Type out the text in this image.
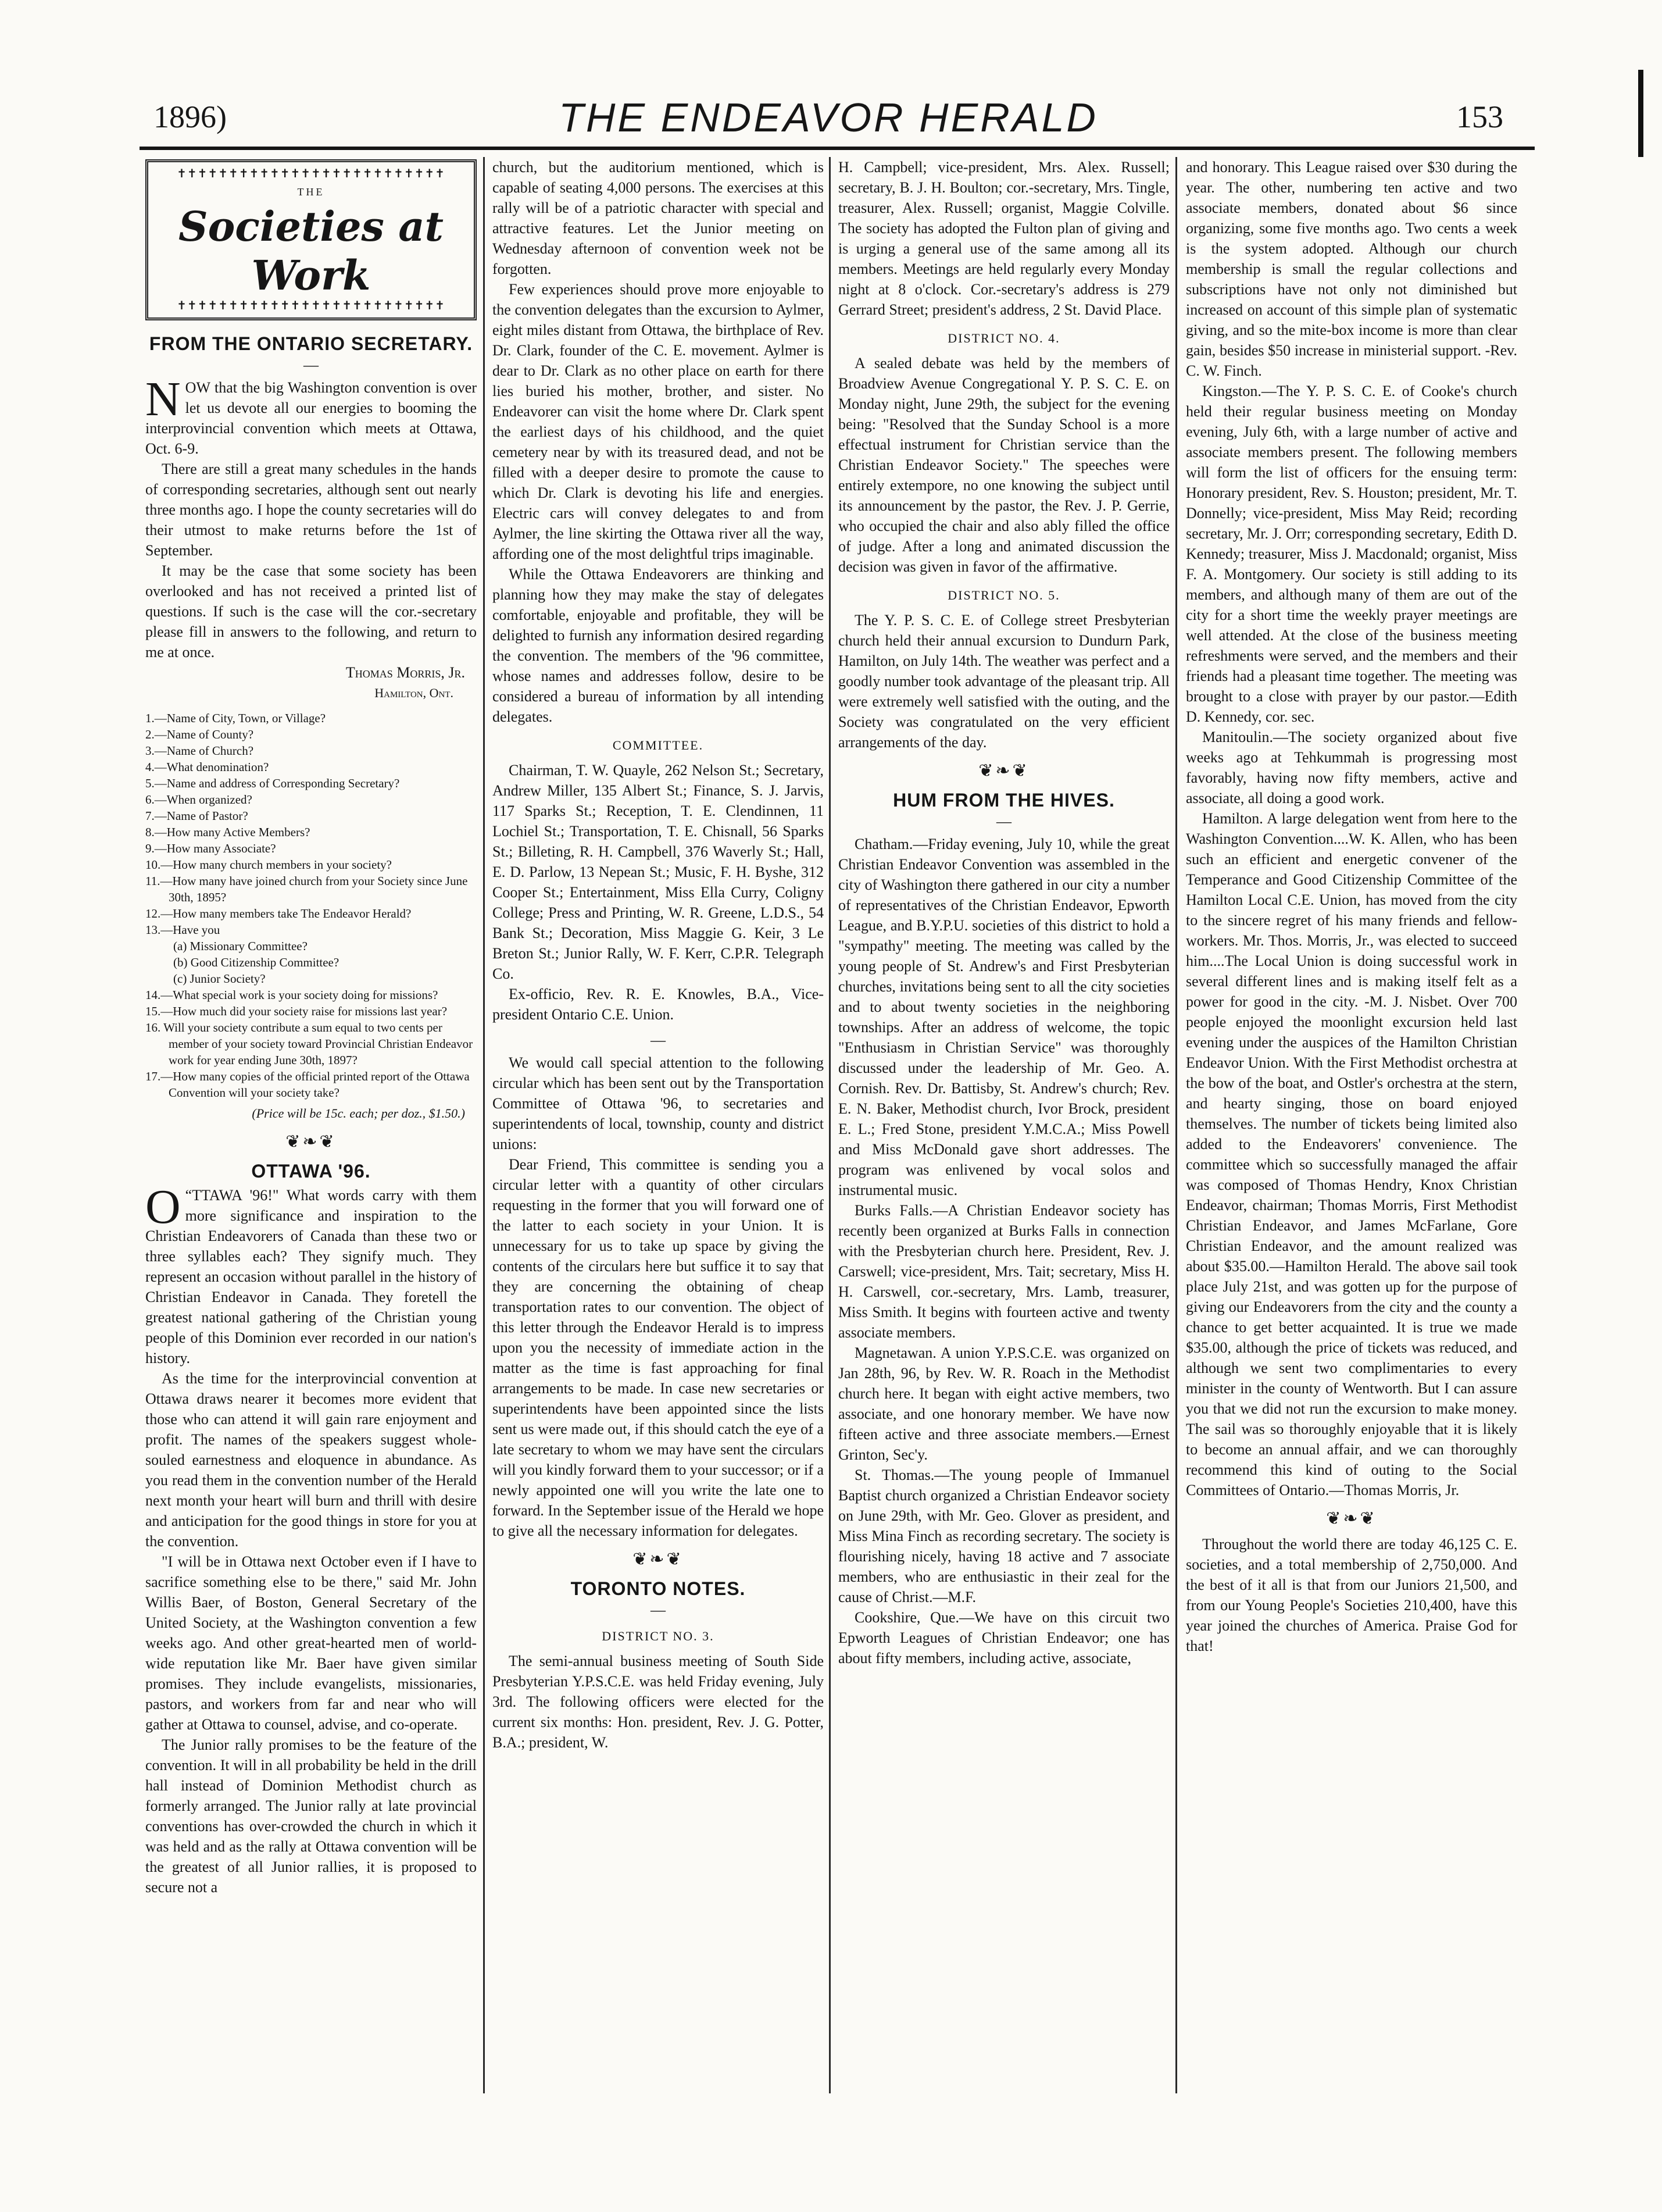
1896)	THE ENDEAVOR HERALD	153
✝✝✝✝✝✝✝✝✝✝✝✝✝✝✝✝✝✝✝✝✝✝✝✝✝✝
THE
Societies at Work
✝✝✝✝✝✝✝✝✝✝✝✝✝✝✝✝✝✝✝✝✝✝✝✝✝✝
FROM THE ONTARIO SECRETARY.
—

NOW that the big Washington convention is over let us devote all our energies to booming the interprovincial convention which meets at Ottawa, Oct. 6-9.

There are still a great many schedules in the hands of corresponding secretaries, although sent out nearly three months ago. I hope the county secretaries will do their utmost to make returns before the 1st of September.

It may be the case that some society has been overlooked and has not received a printed list of questions. If such is the case will the cor.-secretary please fill in answers to the following, and return to me at once.

Thomas Morris, Jr.
Hamilton, Ont.
1.—Name of City, Town, or Village?
2.—Name of County?
3.—Name of Church?
4.—What denomination?
5.—Name and address of Corresponding Secretary?
6.—When organized?
7.—Name of Pastor?
8.—How many Active Members?
9.—How many Associate?
10.—How many church members in your society?
11.—How many have joined church from your Society since June 30th, 1895?
12.—How many members take The Endeavor Herald?
13.—Have you
(a) Missionary Committee?
(b) Good Citizenship Committee?
(c) Junior Society?
14.—What special work is your society doing for missions?
15.—How much did your society raise for missions last year?
16. Will your society contribute a sum equal to two cents per member of your society toward Provincial Christian Endeavor work for year ending June 30th, 1897?
17.—How many copies of the official printed report of the Ottawa Convention will your society take?
(Price will be 15c. each; per doz., $1.50.)
❦❧❦
OTTAWA '96.

“
O TTAWA '96!" What words carry with them more significance and inspiration to the Christian Endeavorers of Canada than these two or three syllables each? They signify much. They represent an occasion without parallel in the history of Christian Endeavor in Canada. They foretell the greatest national gathering of the Christian young people of this Dominion ever recorded in our nation's history.

As the time for the interprovincial convention at Ottawa draws nearer it becomes more evident that those who can attend it will gain rare enjoyment and profit. The names of the speakers suggest whole-souled earnestness and eloquence in abundance. As you read them in the convention number of the Herald next month your heart will burn and thrill with desire and anticipation for the good things in store for you at the convention.

"I will be in Ottawa next October even if I have to sacrifice something else to be there," said Mr. John Willis Baer, of Boston, General Secretary of the United Society, at the Washington convention a few weeks ago. And other great-hearted men of world-wide reputation like Mr. Baer have given similar promises. They include evangelists, missionaries, pastors, and workers from far and near who will gather at Ottawa to counsel, advise, and co-operate.

The Junior rally promises to be the feature of the convention. It will in all probability be held in the drill hall instead of Dominion Methodist church as formerly arranged. The Junior rally at late provincial conventions has over-crowded the church in which it was held and as the rally at Ottawa convention will be the greatest of all Junior rallies, it is proposed to secure not a

church, but the auditorium mentioned, which is capable of seating 4,000 persons. The exercises at this rally will be of a patriotic character with special and attractive features. Let the Junior meeting on Wednesday afternoon of convention week not be forgotten.

Few experiences should prove more enjoyable to the convention delegates than the excursion to Aylmer, eight miles distant from Ottawa, the birthplace of Rev. Dr. Clark, founder of the C. E. movement. Aylmer is dear to Dr. Clark as no other place on earth for there lies buried his mother, brother, and sister. No Endeavorer can visit the home where Dr. Clark spent the earliest days of his childhood, and the quiet cemetery near by with its treasured dead, and not be filled with a deeper desire to promote the cause to which Dr. Clark is devoting his life and energies. Electric cars will convey delegates to and from Aylmer, the line skirting the Ottawa river all the way, affording one of the most delightful trips imaginable.

While the Ottawa Endeavorers are thinking and planning how they may make the stay of delegates comfortable, enjoyable and profitable, they will be delighted to furnish any information desired regarding the convention. The members of the '96 committee, whose names and addresses follow, desire to be considered a bureau of information by all intending delegates.

COMMITTEE.

Chairman, T. W. Quayle, 262 Nelson St.; Secretary, Andrew Miller, 135 Albert St.; Finance, S. J. Jarvis, 117 Sparks St.; Reception, T. E. Clendinnen, 11 Lochiel St.; Transportation, T. E. Chisnall, 56 Sparks St.; Billeting, R. H. Campbell, 376 Waverly St.; Hall, E. D. Parlow, 13 Nepean St.; Music, F. H. Byshe, 312 Cooper St.; Entertainment, Miss Ella Curry, Coligny College; Press and Printing, W. R. Greene, L.D.S., 54 Bank St.; Decoration, Miss Maggie G. Keir, 3 Le Breton St.; Junior Rally, W. F. Kerr, C.P.R. Telegraph Co.

Ex-officio, Rev. R. E. Knowles, B.A., Vice-president Ontario C.E. Union.

—

We would call special attention to the following circular which has been sent out by the Transportation Committee of Ottawa '96, to secretaries and superintendents of local, township, county and district unions:

Dear Friend, This committee is sending you a circular letter with a quantity of other circulars requesting in the former that you will forward one of the latter to each society in your Union. It is unnecessary for us to take up space by giving the contents of the circulars here but suffice it to say that they are concerning the obtaining of cheap transportation rates to our convention. The object of this letter through the Endeavor Herald is to impress upon you the necessity of immediate action in the matter as the time is fast approaching for final arrangements to be made. In case new secretaries or superintendents have been appointed since the lists sent us were made out, if this should catch the eye of a late secretary to whom we may have sent the circulars will you kindly forward them to your successor; or if a newly appointed one will you write the late one to forward. In the September issue of the Herald we hope to give all the necessary information for delegates.

❦❧❦
TORONTO NOTES.
—
DISTRICT NO. 3.

The semi-annual business meeting of South Side Presbyterian Y.P.S.C.E. was held Friday evening, July 3rd. The following officers were elected for the current six months: Hon. president, Rev. J. G. Potter, B.A.; president, W.

H. Campbell; vice-president, Mrs. Alex. Russell; secretary, B. J. H. Boulton; cor.-secretary, Mrs. Tingle, treasurer, Alex. Russell; organist, Maggie Colville. The society has adopted the Fulton plan of giving and is urging a general use of the same among all its members. Meetings are held regularly every Monday night at 8 o'clock. Cor.-secretary's address is 279 Gerrard Street; president's address, 2 St. David Place.

DISTRICT NO. 4.

A sealed debate was held by the members of Broadview Avenue Congregational Y. P. S. C. E. on Monday night, June 29th, the subject for the evening being: "Resolved that the Sunday School is a more effectual instrument for Christian service than the Christian Endeavor Society." The speeches were entirely extempore, no one knowing the subject until its announcement by the pastor, the Rev. J. P. Gerrie, who occupied the chair and also ably filled the office of judge. After a long and animated discussion the decision was given in favor of the affirmative.

DISTRICT NO. 5.

The Y. P. S. C. E. of College street Presbyterian church held their annual excursion to Dundurn Park, Hamilton, on July 14th. The weather was perfect and a goodly number took advantage of the pleasant trip. All were extremely well satisfied with the outing, and the Society was congratulated on the very efficient arrangements of the day.

❦❧❦
HUM FROM THE HIVES.
—

Chatham.—Friday evening, July 10, while the great Christian Endeavor Convention was assembled in the city of Washington there gathered in our city a number of representatives of the Christian Endeavor, Epworth League, and B.Y.P.U. societies of this district to hold a "sympathy" meeting. The meeting was called by the young people of St. Andrew's and First Presbyterian churches, invitations being sent to all the city societies and to about twenty societies in the neighboring townships. After an address of welcome, the topic "Enthusiasm in Christian Service" was thoroughly discussed under the leadership of Mr. Geo. A. Cornish. Rev. Dr. Battisby, St. Andrew's church; Rev. E. N. Baker, Methodist church, Ivor Brock, president E. L.; Fred Stone, president Y.M.C.A.; Miss Powell and Miss McDonald gave short addresses. The program was enlivened by vocal solos and instrumental music.

Burks Falls.—A Christian Endeavor society has recently been organized at Burks Falls in connection with the Presbyterian church here. President, Rev. J. Carswell; vice-president, Mrs. Tait; secretary, Miss H. H. Carswell, cor.-secretary, Mrs. Lamb, treasurer, Miss Smith. It begins with fourteen active and twenty associate members.

Magnetawan. A union Y.P.S.C.E. was organized on Jan 28th, 96, by Rev. W. R. Roach in the Methodist church here. It began with eight active members, two associate, and one honorary member. We have now fifteen active and three associate members.—Ernest Grinton, Sec'y.

St. Thomas.—The young people of Immanuel Baptist church organized a Christian Endeavor society on June 29th, with Mr. Geo. Glover as president, and Miss Mina Finch as recording secretary. The society is flourishing nicely, having 18 active and 7 associate members, who are enthusiastic in their zeal for the cause of Christ.—M.F.

Cookshire, Que.—We have on this circuit two Epworth Leagues of Christian Endeavor; one has about fifty members, including active, associate,

and honorary. This League raised over $30 during the year. The other, numbering ten active and two associate members, donated about $6 since organizing, some five months ago. Two cents a week is the system adopted. Although our church membership is small the regular collections and subscriptions have not only not diminished but increased on account of this simple plan of systematic giving, and so the mite-box income is more than clear gain, besides $50 increase in ministerial support. -Rev. C. W. Finch.

Kingston.—The Y. P. S. C. E. of Cooke's church held their regular business meeting on Monday evening, July 6th, with a large number of active and associate members present. The following members will form the list of officers for the ensuing term: Honorary president, Rev. S. Houston; president, Mr. T. Donnelly; vice-president, Miss May Reid; recording secretary, Mr. J. Orr; corresponding secretary, Edith D. Kennedy; treasurer, Miss J. Macdonald; organist, Miss F. A. Montgomery. Our society is still adding to its members, and although many of them are out of the city for a short time the weekly prayer meetings are well attended. At the close of the business meeting refreshments were served, and the members and their friends had a pleasant time together. The meeting was brought to a close with prayer by our pastor.—Edith D. Kennedy, cor. sec.

Manitoulin.—The society organized about five weeks ago at Tehkummah is progressing most favorably, having now fifty members, active and associate, all doing a good work.

Hamilton. A large delegation went from here to the Washington Convention....W. K. Allen, who has been such an efficient and energetic convener of the Temperance and Good Citizenship Committee of the Hamilton Local C.E. Union, has moved from the city to the sincere regret of his many friends and fellow-workers. Mr. Thos. Morris, Jr., was elected to succeed him....The Local Union is doing successful work in several different lines and is making itself felt as a power for good in the city. -M. J. Nisbet. Over 700 people enjoyed the moonlight excursion held last evening under the auspices of the Hamilton Christian Endeavor Union. With the First Methodist orchestra at the bow of the boat, and Ostler's orchestra at the stern, and hearty singing, those on board enjoyed themselves. The number of tickets being limited also added to the Endeavorers' convenience. The committee which so successfully managed the affair was composed of Thomas Hendry, Knox Christian Endeavor, chairman; Thomas Morris, First Methodist Christian Endeavor, and James McFarlane, Gore Christian Endeavor, and the amount realized was about $35.00.—Hamilton Herald. The above sail took place July 21st, and was gotten up for the purpose of giving our Endeavorers from the city and the county a chance to get better acquainted. It is true we made $35.00, although the price of tickets was reduced, and although we sent two complimentaries to every minister in the county of Wentworth. But I can assure you that we did not run the excursion to make money. The sail was so thoroughly enjoyable that it is likely to become an annual affair, and we can thoroughly recommend this kind of outing to the Social Committees of Ontario.—Thomas Morris, Jr.

❦❧❦

Throughout the world there are today 46,125 C. E. societies, and a total membership of 2,750,000. And the best of it all is that from our Juniors 21,500, and from our Young People's Societies 210,400, have this year joined the churches of America. Praise God for that!
